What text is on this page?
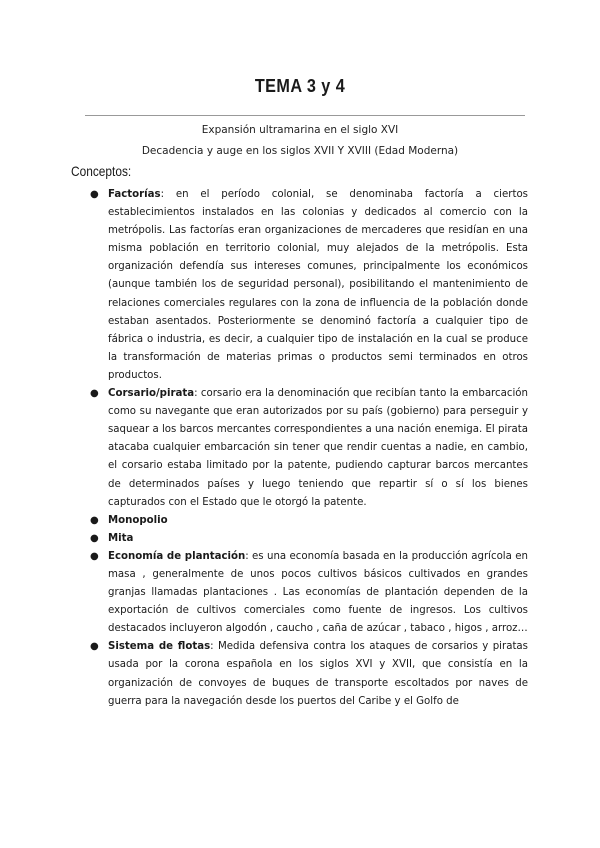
TEMA 3 y 4
Expansión ultramarina en el siglo XVI
Decadencia y auge en los siglos XVII Y XVIII (Edad Moderna)
Conceptos:
● Factorías: en el período colonial, se denominaba factoría a ciertos establecimientos instalados en las colonias y dedicados al comercio con la metrópolis. Las factorías eran organizaciones de mercaderes que residían en una misma población en territorio colonial, muy alejados de la metrópolis. Esta organización defendía sus intereses comunes, principalmente los económicos (aunque también los de seguridad personal), posibilitando el mantenimiento de relaciones comerciales regulares con la zona de influencia de la población donde estaban asentados. Posteriormente se denominó factoría a cualquier tipo de fábrica o industria, es decir, a cualquier tipo de instalación en la cual se produce la transformación de materias primas o productos semi terminados en otros productos.
● Corsario/pirata: corsario era la denominación que recibían tanto la embarcación como su navegante que eran autorizados por su país (gobierno) para perseguir y saquear a los barcos mercantes correspondientes a una nación enemiga. El pirata atacaba cualquier embarcación sin tener que rendir cuentas a nadie, en cambio, el corsario estaba limitado por la patente, pudiendo capturar barcos mercantes de determinados países y luego teniendo que repartir sí o sí los bienes capturados con el Estado que le otorgó la patente.
● Monopolio
● Mita
● Economía de plantación: es una economía basada en la producción agrícola en masa , generalmente de unos pocos cultivos básicos cultivados en grandes granjas llamadas plantaciones . Las economías de plantación dependen de la exportación de cultivos comerciales como fuente de ingresos. Los cultivos destacados incluyeron algodón , caucho , caña de azúcar , tabaco , higos , arroz…
● Sistema de flotas: Medida defensiva contra los ataques de corsarios y piratas usada por la corona española en los siglos XVI y XVII, que consistía en la organización de convoyes de buques de transporte escoltados por naves de guerra para la navegación desde los puertos del Caribe y el Golfo de
